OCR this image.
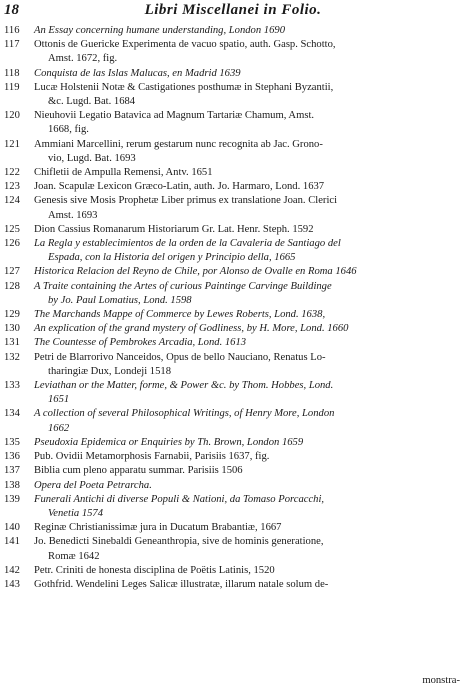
18	Libri Miscellanei in Folio.
116	An Essay concerning humane understanding, London 1690
117	Ottonis de Guericke Experimenta de vacuo spatio, auth. Gasp. Schotto,
Amst. 1672, fig.
118	Conquista de las Islas Malucas, en Madrid 1639
119	Lucæ Holstenii Notæ & Castigationes posthumæ in Stephani Byzantii,
&c. Lugd. Bat. 1684
120	Nieuhovii Legatio Batavica ad Magnum Tartariæ Chamum, Amst.
1668, fig.
121	Ammiani Marcellini, rerum gestarum nunc recognita ab Jac. Grono-
vio, Lugd. Bat. 1693
122	Chifletii de Ampulla Remensi, Antv. 1651
123	Joan. Scapulæ Lexicon Græco-Latin, auth. Jo. Harmaro, Lond. 1637
124	Genesis sive Mosis Prophetæ Liber primus ex translatione Joan. Clerici
Amst. 1693
125	Dion Cassius Romanarum Historiarum Gr. Lat. Henr. Steph. 1592
126	La Regla y establecimientos de la orden de la Cavaleria de Santiago del
Espada, con la Historia del origen y Principio della, 1665
127	Historica Relacion del Reyno de Chile, por Alonso de Ovalle en Roma 1646
128	A Traite containing the Artes of curious Paintinge Carvinge Buildinge
by Jo. Paul Lomatius, Lond. 1598
129	The Marchands Mappe of Commerce by Lewes Roberts, Lond. 1638,
130	An explication of the grand mystery of Godliness, by H. More, Lond. 1660
131	The Countesse of Pembrokes Arcadia, Lond. 1613
132	Petri de Blarrorivo Nanceidos, Opus de bello Nauciano, Renatus Lo-
tharingiæ Dux, Londeji 1518
133	Leviathan or the Matter, forme, & Power &c. by Thom. Hobbes, Lond.
1651
134	A collection of several Philosophical Writings, of Henry More, London
1662
135	Pseudoxia Epidemica or Enquiries by Th. Brown, London 1659
136	Pub. Ovidii Metamorphosis Farnabii, Parisiis 1637, fig.
137	Biblia cum pleno apparatu summar. Parisiis 1506
138	Opera del Poeta Petrarcha.
139	Funerali Antichi di diverse Populi & Nationi, da Tomaso Porcacchi,
Venetia 1574
140	Reginæ Christianissimæ jura in Ducatum Brabantiæ, 1667
141	Jo. Benedicti Sinebaldi Geneanthropia, sive de hominis generatione,
Romæ 1642
142	Petr. Criniti de honesta disciplina de Poëtis Latinis, 1520
143	Gothfrid. Wendelini Leges Salicæ illustratæ, illarum natale solum de-
monstra-
